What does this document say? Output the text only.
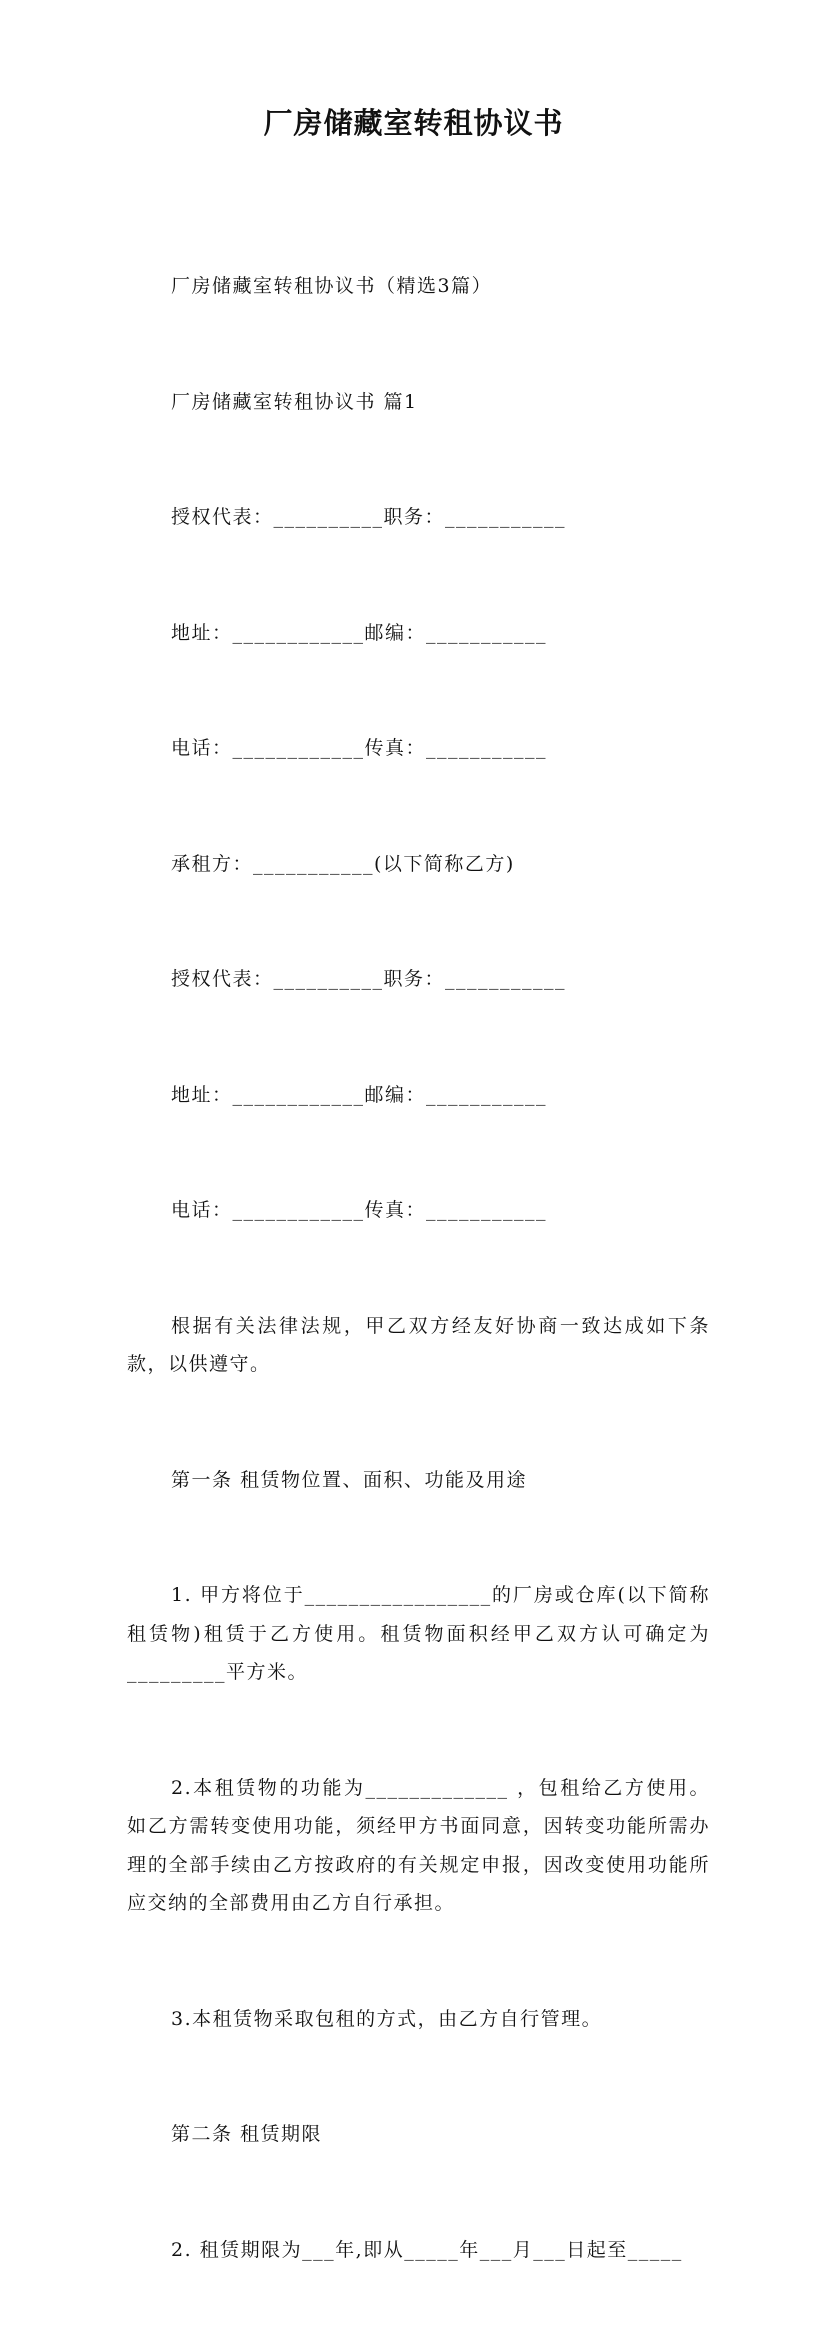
厂房储藏室转租协议书

厂房储藏室转租协议书（精选3篇）

厂房储藏室转租协议书 篇1

授权代表：__________职务：___________

地址：____________邮编：___________

电话：____________传真：___________

承租方：___________(以下简称乙方)

授权代表：__________职务：___________

地址：____________邮编：___________

电话：____________传真：___________

根据有关法律法规，甲乙双方经友好协商一致达成如下条款，以供遵守。

第一条 租赁物位置、面积、功能及用途

1. 甲方将位于_________________的厂房或仓库(以下简称租赁物)租赁于乙方使用。租赁物面积经甲乙双方认可确定为_________平方米。

2.本租赁物的功能为_____________ ，包租给乙方使用。如乙方需转变使用功能，须经甲方书面同意，因转变功能所需办理的全部手续由乙方按政府的有关规定申报，因改变使用功能所应交纳的全部费用由乙方自行承担。

3.本租赁物采取包租的方式，由乙方自行管理。

第二条 租赁期限

2. 租赁期限为___年,即从_____年___月___日起至_____
